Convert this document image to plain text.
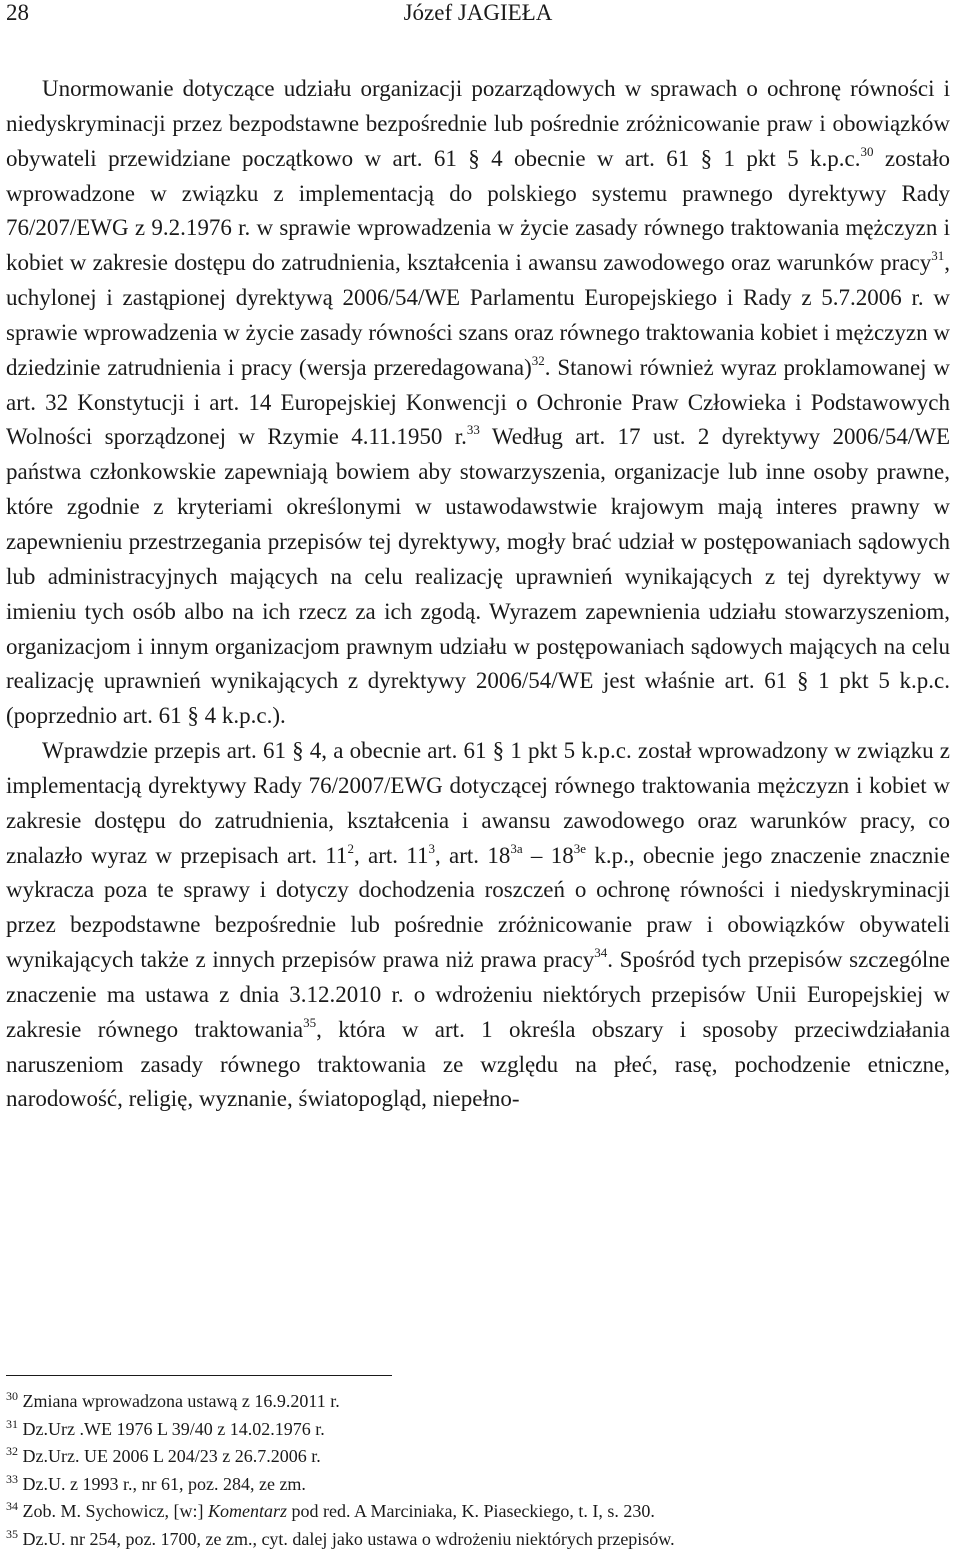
28	Józef JAGIEŁA

Unormowanie dotyczące udziału organizacji pozarządowych w sprawach o ochronę równości i niedyskryminacji przez bezpodstawne bezpośrednie lub pośrednie zróżnicowanie praw i obowiązków obywateli przewidziane początkowo w art. 61 § 4 obecnie w art. 61 § 1 pkt 5 k.p.c.$^{30}$ zostało wprowadzone w związku z implementacją do polskiego systemu prawnego dyrektywy Rady 76/207/EWG z 9.2.1976 r. w sprawie wprowadzenia w życie zasady równego traktowania mężczyzn i kobiet w zakresie dostępu do zatrudnienia, kształcenia i awansu zawodowego oraz warunków pracy$^{31}$, uchylonej i zastąpionej dyrektywą 2006/54/WE Parlamentu Europejskiego i Rady z 5.7.2006 r. w sprawie wprowadzenia w życie zasady równości szans oraz równego traktowania kobiet i mężczyzn w dziedzinie zatrudnienia i pracy (wersja przeredagowana)$^{32}$. Stanowi również wyraz proklamowanej w art. 32 Konstytucji i art. 14 Europejskiej Konwencji o Ochronie Praw Człowieka i Podstawowych Wolności sporządzonej w Rzymie 4.11.1950 r.$^{33}$ Według art. 17 ust. 2 dyrektywy 2006/54/WE państwa członkowskie zapewniają bowiem aby stowarzyszenia, organizacje lub inne osoby prawne, które zgodnie z kryteriami określonymi w ustawodawstwie krajowym mają interes prawny w zapewnieniu przestrzegania przepisów tej dyrektywy, mogły brać udział w postępowaniach sądowych lub administracyjnych mających na celu realizację uprawnień wynikających z tej dyrektywy w imieniu tych osób albo na ich rzecz za ich zgodą. Wyrazem zapewnienia udziału stowarzyszeniom, organizacjom i innym organizacjom prawnym udziału w postępowaniach sądowych mających na celu realizację uprawnień wynikających z dyrektywy 2006/54/WE jest właśnie art. 61 § 1 pkt 5 k.p.c. (poprzednio art. 61 § 4 k.p.c.).

Wprawdzie przepis art. 61 § 4, a obecnie art. 61 § 1 pkt 5 k.p.c. został wprowadzony w związku z implementacją dyrektywy Rady 76/2007/EWG dotyczącej równego traktowania mężczyzn i kobiet w zakresie dostępu do zatrudnienia, kształcenia i awansu zawodowego oraz warunków pracy, co znalazło wyraz w przepisach art. $11^2$, art. $11^3$, art. $18^{3a} - 18^{3e}$ k.p., obecnie jego znaczenie znacznie wykracza poza te sprawy i dotyczy dochodzenia roszczeń o ochronę równości i niedyskryminacji przez bezpodstawne bezpośrednie lub pośrednie zróżnicowanie praw i obowiązków obywateli wynikających także z innych przepisów prawa niż prawa pracy$^{34}$. Spośród tych przepisów szczególne znaczenie ma ustawa z dnia 3.12.2010 r. o wdrożeniu niektórych przepisów Unii Europejskiej w zakresie równego traktowania$^{35}$, która w art. 1 określa obszary i sposoby przeciwdziałania naruszeniom zasady równego traktowania ze względu na płeć, rasę, pochodzenie etniczne, narodowość, religię, wyznanie, światopogląd, niepełno-

$^{30}$ Zmiana wprowadzona ustawą z 16.9.2011 r.
$^{31}$ Dz.Urz .WE 1976 L 39/40 z 14.02.1976 r.
$^{32}$ Dz.Urz. UE 2006 L 204/23 z 26.7.2006 r.
$^{33}$ Dz.U. z 1993 r., nr 61, poz. 284, ze zm.
$^{34}$ Zob. M. Sychowicz, [w:] Komentarz pod red. A Marciniaka, K. Piaseckiego, t. I, s. 230.
$^{35}$ Dz.U. nr 254, poz. 1700, ze zm., cyt. dalej jako ustawa o wdrożeniu niektórych przepisów.
